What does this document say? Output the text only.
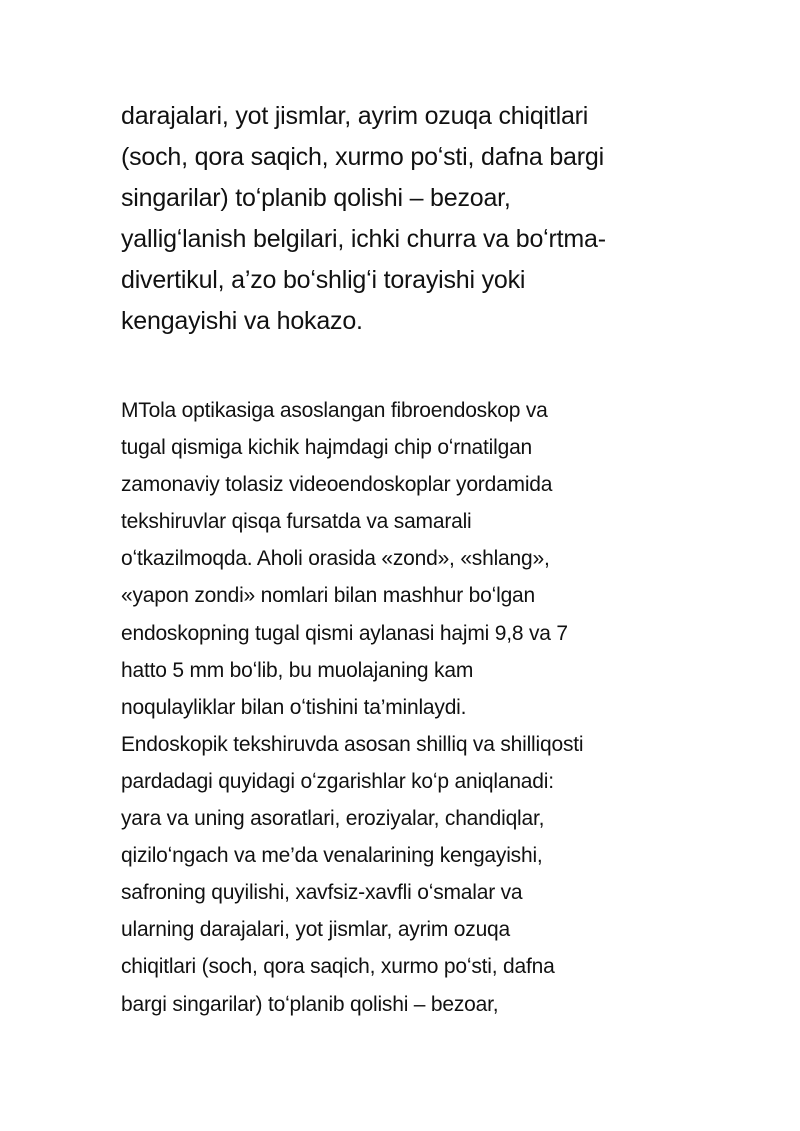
darajalari, yot jismlar, ayrim ozuqa chiqitlari
(soch, qora saqich, xurmo poʻsti, dafna bargi
singarilar) toʻplanib qolishi – bezoar,
yalligʻlanish belgilari, ichki churra va boʻrtma-
divertikul, a’zo boʻshligʻi torayishi yoki
kengayishi va hokazo.
MTola optikasiga asoslangan fibroendoskop va
tugal qismiga kichik hajmdagi chip oʻrnatilgan
zamonaviy tolasiz videoendoskoplar yordamida
tekshiruvlar qisqa fursatda va samarali
oʻtkazilmoqda. Aholi orasida «zond», «shlang»,
«yapon zondi» nomlari bilan mashhur boʻlgan
endoskopning tugal qismi aylanasi hajmi 9,8 va 7
hatto 5 mm boʻlib, bu muolajaning kam
noqulayliklar bilan oʻtishini ta’minlaydi.
Endoskopik tekshiruvda asosan shilliq va shilliqosti
pardadagi quyidagi oʻzgarishlar koʻp aniqlanadi:
yara va uning asoratlari, eroziyalar, chandiqlar,
qiziloʻngach va me’da venalarining kengayishi,
safroning quyilishi, xavfsiz-xavfli oʻsmalar va
ularning darajalari, yot jismlar, ayrim ozuqa
chiqitlari (soch, qora saqich, xurmo poʻsti, dafna
bargi singarilar) toʻplanib qolishi – bezoar,
